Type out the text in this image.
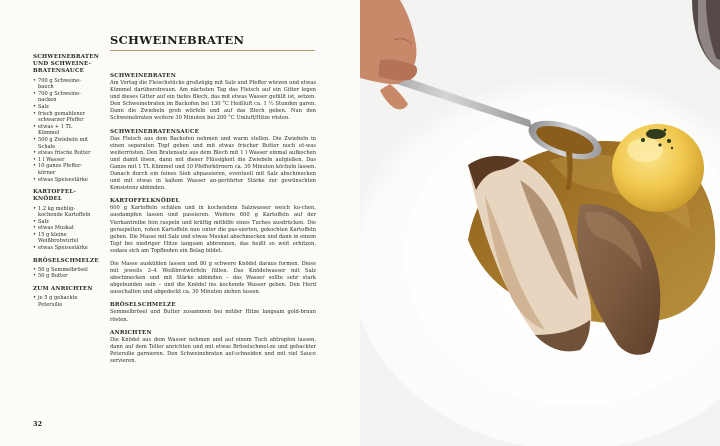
SCHWEINEBRATEN

SCHWEINEBRATEN UND SCHWEINE-BRATENSAUCE

• 700 g Schweine-bauch
• 700 g Schweine-nacken
• Salz
• frisch gemahlener schwarzer Pfeffer
• etwas + 1 TL Kümmel
• 500 g Zwiebeln mit Schale
• etwas frische Butter
• 1 l Wasser
• 10 ganze Pfeffer-körner
• etwas Speisestärke

KARTOFFEL-KNÖDEL

• 1,2 kg mehlig-kochende Kartoffeln
• Salz
• etwas Muskat
• 15 g kleine Weißbrotwürfel
• etwas Speisestärke

BRÖSELSCHMELZE

• 50 g Semmelbrösel
• 50 g Butter

ZUM ANRICHTEN

• je 5 g gehackte Petersilie

SCHWEINEBRATEN

Am Vortag die Fleischstücke großzügig mit Salz und Pfeffer würzen und etwas Kümmel darüberstreuen. Am nächsten Tag das Fleisch auf ein Gitter legen und dieses Gitter auf ein tiefes Blech, das mit etwas Wasser gefüllt ist, setzen. Den Schweinebraten im Backofen bei 130 °C Heißluft ca. 1 ½ Stunden garen. Dann die Zwiebeln grob würfeln und auf das Blech geben. Nun den Schweinebraten weitere 30 Minuten bei 200 °C Umluft/Hitze rösten.

SCHWEINEBRATENSAUCE

Das Fleisch aus dem Backofen nehmen und warm stellen. Die Zwiebeln in einen separaten Topf geben und mit etwas frischer Butter noch et-was weiterrösten. Den Bratensatz aus dem Blech mit 1 l Wasser einmal aufkochen und damit lösen, dann mit dieser Flüssigkeit die Zwiebeln aufgießen. Das Ganze mit 1 TL Kümmel und 10 Pfefferkörnern ca. 30 Minuten köcheln lassen. Danach durch ein feines Sieb abpassieren, eventuell mit Salz abschmecken und mit etwas in kaltem Wasser an-gerührter Stärke zur gewünschten Konsistenz abbinden.

KARTOFFELKNÖDEL

600 g Kartoffeln schälen und in kochendem Salzwasser weich ko-chen, ausdampfen lassen und passieren. Weitere 600 g Kartoffeln auf der Vierkantreibe fein raspeln und kräftig mithilfe eines Tuches ausdrücken. Die geraspelten, rohen Kartoffeln nun unter die pas-sierten, gekochten Kartoffeln geben. Die Masse mit Salz und etwas Muskat abschmecken und dann in einem Topf bei niedriger Hitze langsam abbrennen, das heißt so weit erhitzen, sodass sich am Topfboden ein Belag bildet.

Die Masse auskühlen lassen und 80 g schwere Knödel daraus formen. Diese mit jeweils 3–4 Weißbrotwürfeln füllen. Das Knödelwasser mit Salz abschmecken und mit Stärke abbinden – das Wasser sollte sehr stark abgebunden sein – und die Knödel ins kochende Wasser geben. Den Herd ausschalten und abgedeckt ca. 30 Minuten ziehen lassen.

BRÖSELSCHMELZE

Semmelbrösel und Butter zusammen bei milder Hitze langsam gold-braun rösten.

ANRICHTEN

Die Knödel aus dem Wasser nehmen und auf einem Tuch abtropfen lassen, dann auf dem Teller anrichten und mit etwas Bröselschmel-ze und gehackter Petersilie garnieren. Den Schweinebraten auf-schneiden und mit viel Sauce servieren.

32
